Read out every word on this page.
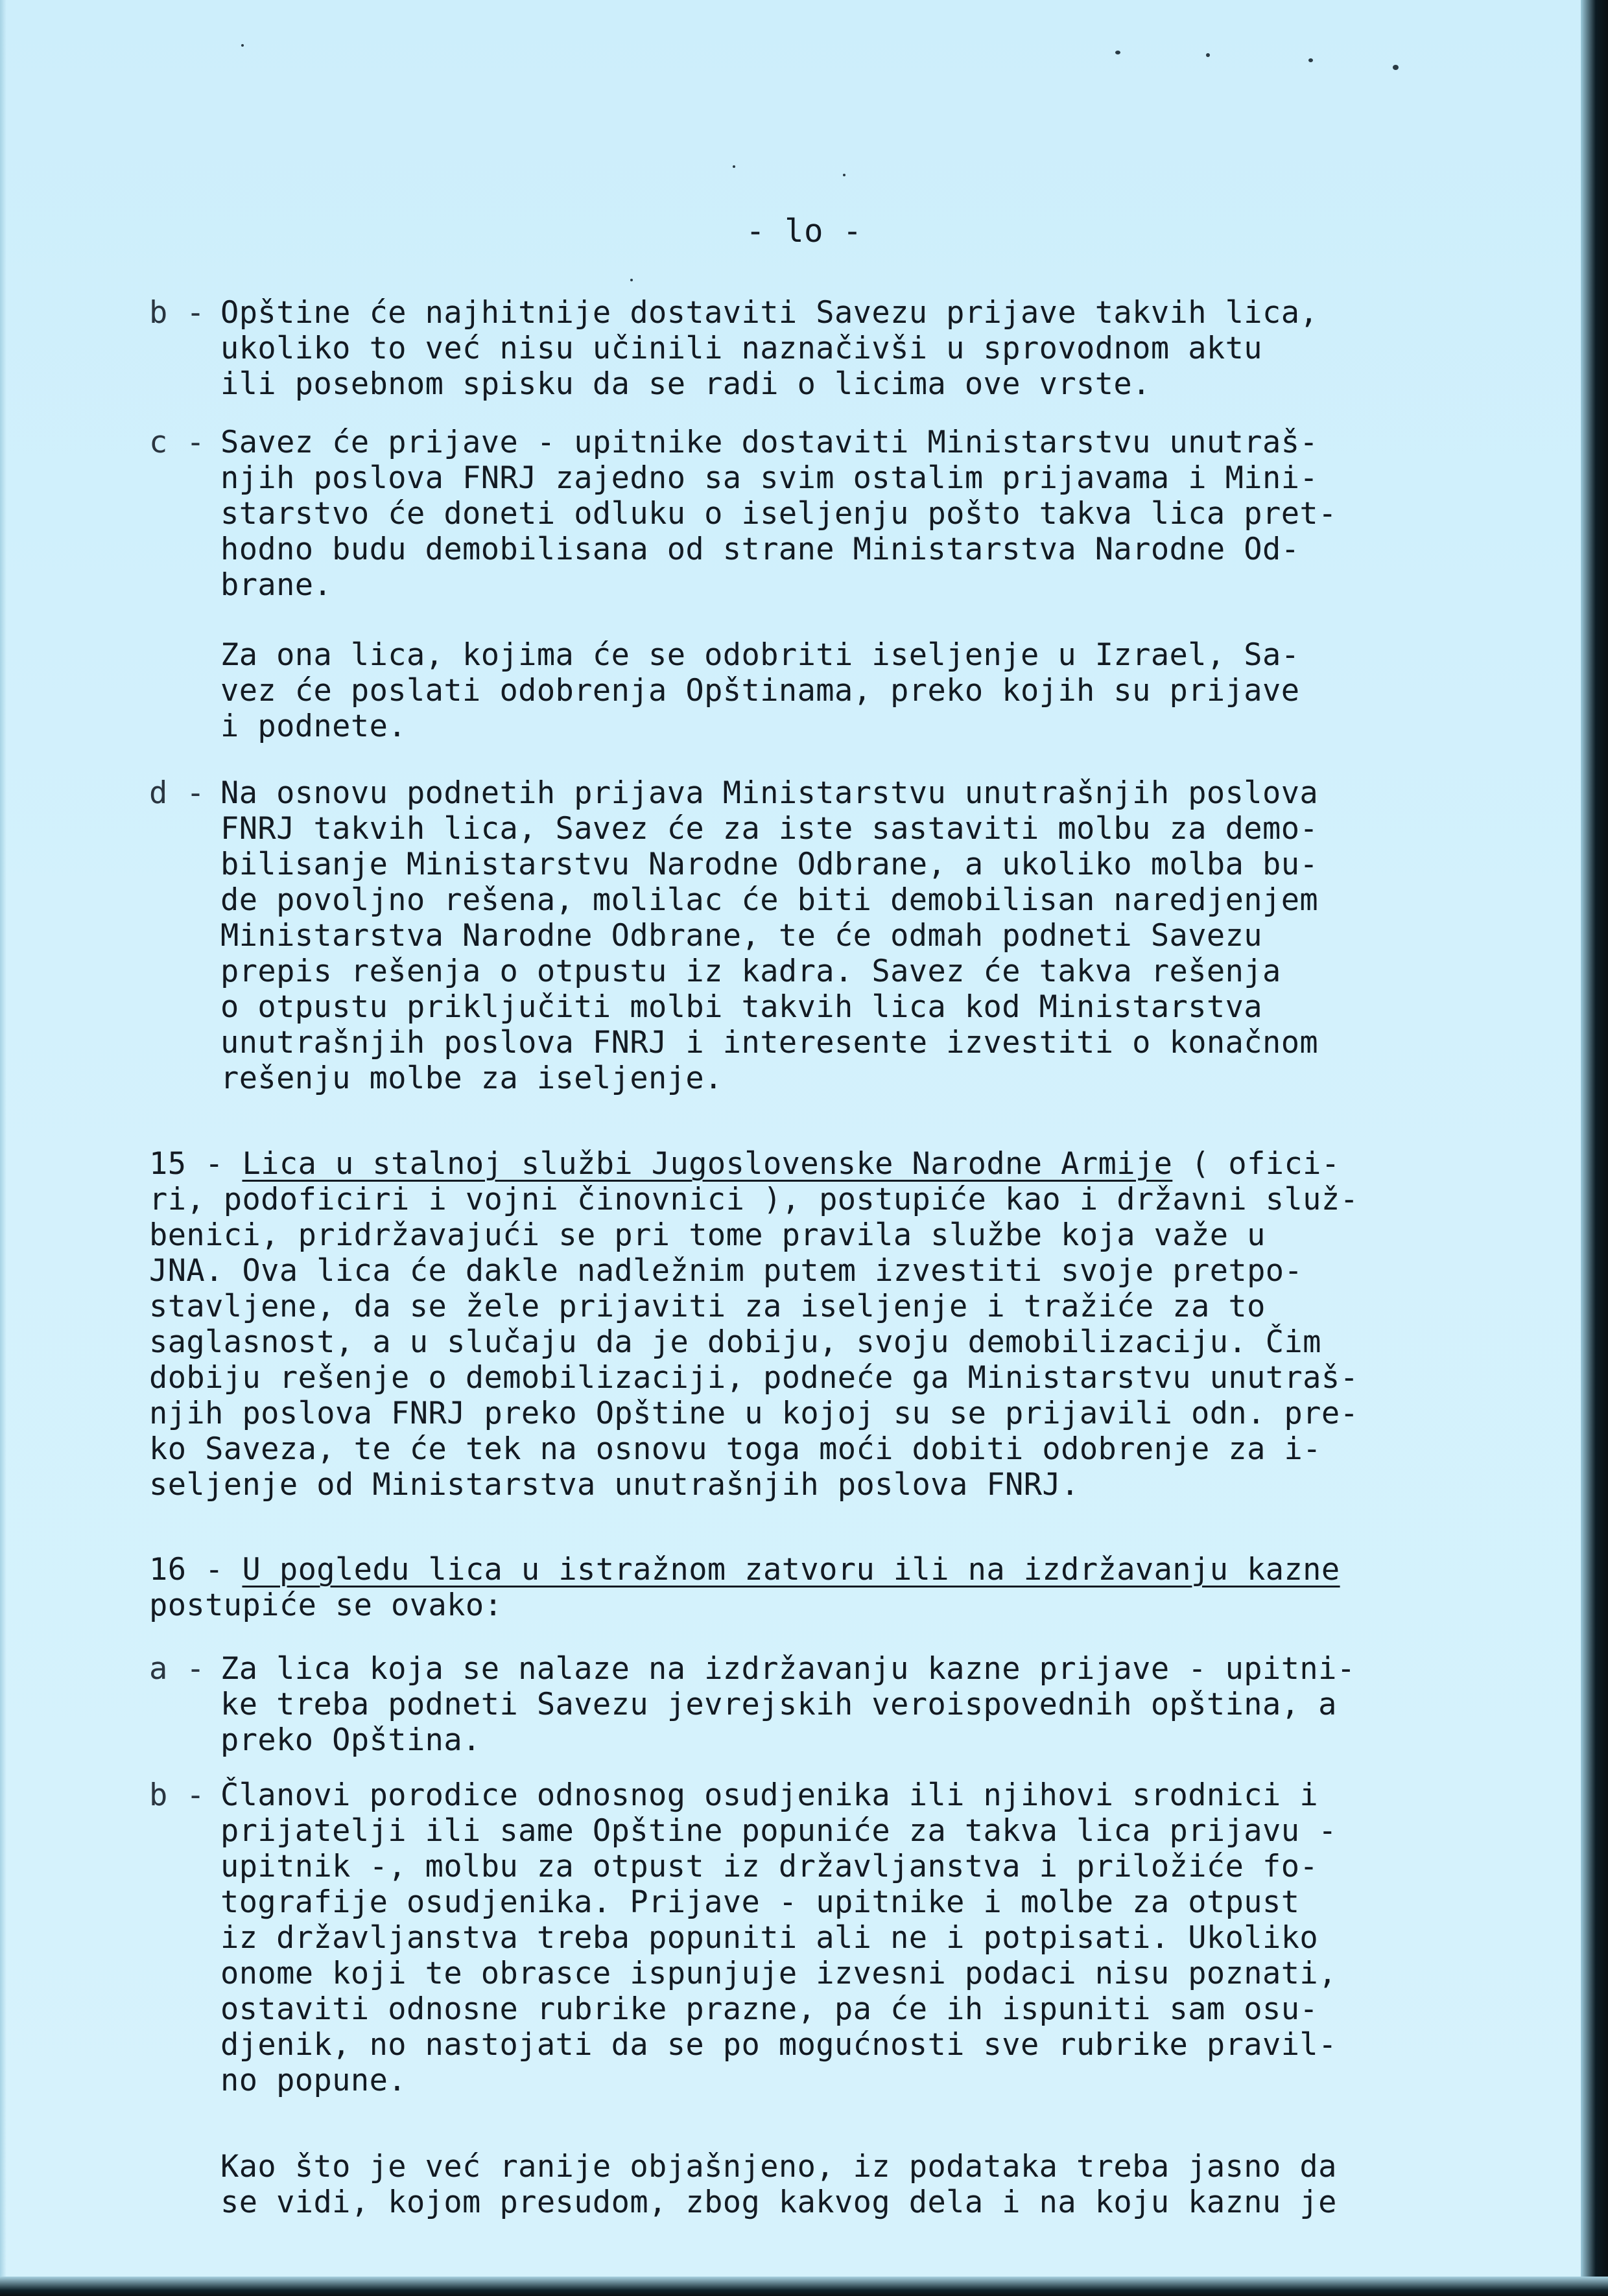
- lo -
b - Opštine će najhitnije dostaviti Savezu prijave takvih lica,
ukoliko to već nisu učinili naznačivši u sprovodnom aktu
ili posebnom spisku da se radi o licima ove vrste.
c - Savez će prijave - upitnike dostaviti Ministarstvu unutraš-
njih poslova FNRJ zajedno sa svim ostalim prijavama i Mini-
starstvo će doneti odluku o iseljenju pošto takva lica pret-
hodno budu demobilisana od strane Ministarstva Narodne Od-
brane.
Za ona lica, kojima će se odobriti iseljenje u Izrael, Sa-
vez će poslati odobrenja Opštinama, preko kojih su prijave
i podnete.
d - Na osnovu podnetih prijava Ministarstvu unutrašnjih poslova
FNRJ takvih lica, Savez će za iste sastaviti molbu za demo-
bilisanje Ministarstvu Narodne Odbrane, a ukoliko molba bu-
de povoljno rešena, molilac će biti demobilisan naredjenjem
Ministarstva Narodne Odbrane, te će odmah podneti Savezu
prepis rešenja o otpustu iz kadra. Savez će takva rešenja
o otpustu priključiti molbi takvih lica kod Ministarstva
unutrašnjih poslova FNRJ i interesente izvestiti o konačnom
rešenju molbe za iseljenje.
15 - Lica u stalnoj službi Jugoslovenske Narodne Armije ( ofici-
ri, podoficiri i vojni činovnici ), postupiće kao i državni služ-
benici, pridržavajući se pri tome pravila službe koja važe u
JNA. Ova lica će dakle nadležnim putem izvestiti svoje pretpo-
stavljene, da se žele prijaviti za iseljenje i tražiće za to
saglasnost, a u slučaju da je dobiju, svoju demobilizaciju. Čim
dobiju rešenje o demobilizaciji, podneće ga Ministarstvu unutraš-
njih poslova FNRJ preko Opštine u kojoj su se prijavili odn. pre-
ko Saveza, te će tek na osnovu toga moći dobiti odobrenje za i-
seljenje od Ministarstva unutrašnjih poslova FNRJ.
16 - U pogledu lica u istražnom zatvoru ili na izdržavanju kazne
postupiće se ovako:
a - Za lica koja se nalaze na izdržavanju kazne prijave - upitni-
ke treba podneti Savezu jevrejskih veroispovednih opština, a
preko Opština.
b - Članovi porodice odnosnog osudjenika ili njihovi srodnici i
prijatelji ili same Opštine popuniće za takva lica prijavu -
upitnik -, molbu za otpust iz državljanstva i priložiće fo-
tografije osudjenika. Prijave - upitnike i molbe za otpust
iz državljanstva treba popuniti ali ne i potpisati. Ukoliko
onome koji te obrasce ispunjuje izvesni podaci nisu poznati,
ostaviti odnosne rubrike prazne, pa će ih ispuniti sam osu-
djenik, no nastojati da se po mogućnosti sve rubrike pravil-
no popune.
Kao što je već ranije objašnjeno, iz podataka treba jasno da
se vidi, kojom presudom, zbog kakvog dela i na koju kaznu je
